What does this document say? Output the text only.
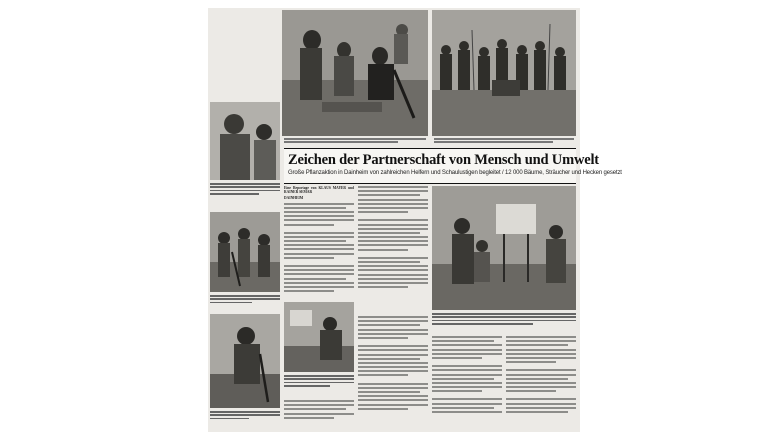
Zeichen der Partnerschaft von Mensch und Umwelt
Große Pflanzaktion in Dainheim von zahlreichen Helfern und Schaulustigen begleitet / 12 000 Bäume, Sträucher und Hecken gesetzt
Eine Reportage von KLAUS MAYER und RAINER SEMAR
DAINHEIM
